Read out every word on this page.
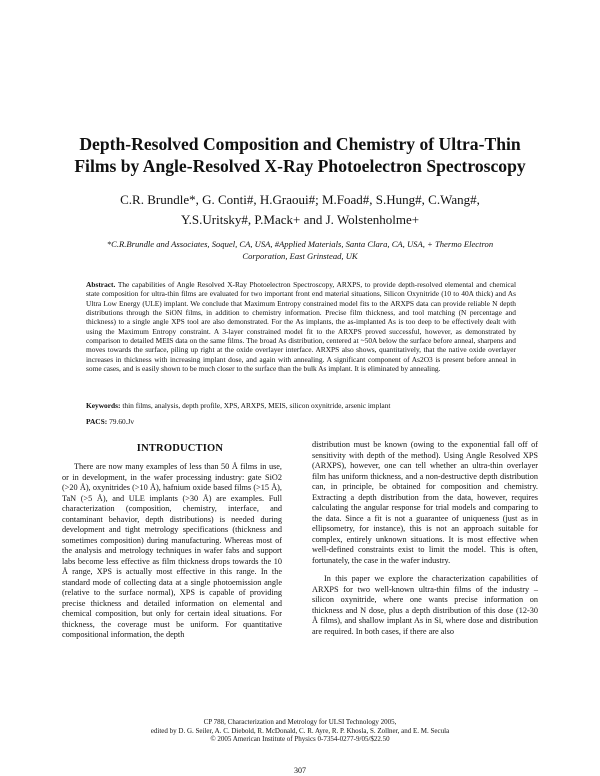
Depth-Resolved Composition and Chemistry of Ultra-Thin
Films by Angle-Resolved X-Ray Photoelectron Spectroscopy
C.R. Brundle*, G. Conti#, H.Graoui#; M.Foad#, S.Hung#, C.Wang#,
Y.S.Uritsky#, P.Mack+ and J. Wolstenholme+
*C.R.Brundle and Associates, Soquel, CA, USA, #Applied Materials, Santa Clara, CA, USA, + Thermo Electron
Corporation, East Grinstead, UK
Abstract. The capabilities of Angle Resolved X-Ray Photoelectron Spectroscopy, ARXPS, to provide depth-resolved elemental and chemical state composition for ultra-thin films are evaluated for two important front end material situations, Silicon Oxynitride (10 to 40A thick) and As Ultra Low Energy (ULE) implant. We conclude that Maximum Entropy constrained model fits to the ARXPS data can provide reliable N depth distributions through the SiON films, in addition to chemistry information. Precise film thickness, and tool matching (N percentage and thickness) to a single angle XPS tool are also demonstrated. For the As implants, the as-implanted As is too deep to be effectively dealt with using the Maximum Entropy constraint. A 3-layer constrained model fit to the ARXPS proved successful, however, as demonstrated by comparison to detailed MEIS data on the same films. The broad As distribution, centered at ~50A below the surface before anneal, sharpens and moves towards the surface, piling up right at the oxide overlayer interface. ARXPS also shows, quantitatively, that the native oxide overlayer increases in thickness with increasing implant dose, and again with annealing. A significant component of As2O3 is present before anneal in some cases, and is easily shown to be much closer to the surface than the bulk As implant. It is eliminated by annealing.
Keywords: thin films, analysis, depth profile, XPS, ARXPS, MEIS, silicon oxynitride, arsenic implant
PACS: 79.60.Jv
INTRODUCTION

There are now many examples of less than 50 Å films in use, or in development, in the wafer processing industry: gate SiO2 (>20 Å), oxynitrides (>10 Å), hafnium oxide based films (>15 Å), TaN (>5 Å), and ULE implants (>30 Å) are examples. Full characterization (composition, chemistry, interface, and contaminant behavior, depth distributions) is needed during development and tight metrology specifications (thickness and sometimes composition) during manufacturing. Whereas most of the analysis and metrology techniques in wafer fabs and support labs become less effective as film thickness drops towards the 10 Å range, XPS is actually most effective in this range. In the standard mode of collecting data at a single photoemission angle (relative to the surface normal), XPS is capable of providing precise thickness and detailed information on elemental and chemical composition, but only for certain ideal situations. For thickness, the coverage must be uniform. For quantitative compositional information, the depth

distribution must be known (owing to the exponential fall off of sensitivity with depth of the method). Using Angle Resolved XPS (ARXPS), however, one can tell whether an ultra-thin overlayer film has uniform thickness, and a non-destructive depth distribution can, in principle, be obtained for composition and chemistry. Extracting a depth distribution from the data, however, requires calculating the angular response for trial models and comparing to the data. Since a fit is not a guarantee of uniqueness (just as in ellipsometry, for instance), this is not an approach suitable for complex, entirely unknown situations. It is most effective when well-defined constraints exist to limit the model. This is often, fortunately, the case in the wafer industry.

In this paper we explore the characterization capabilities of ARXPS for two well-known ultra-thin films of the industry – silicon oxynitride, where one wants precise information on thickness and N dose, plus a depth distribution of this dose (12-30 Å films), and shallow implant As in Si, where dose and distribution are required. In both cases, if there are also

CP 788, Characterization and Metrology for ULSI Technology 2005,
edited by D. G. Seiler, A. C. Diebold, R. McDonald, C. R. Ayre, R. P. Khosla, S. Zollner, and E. M. Secula
© 2005 American Institute of Physics 0-7354-0277-9/05/$22.50
307
